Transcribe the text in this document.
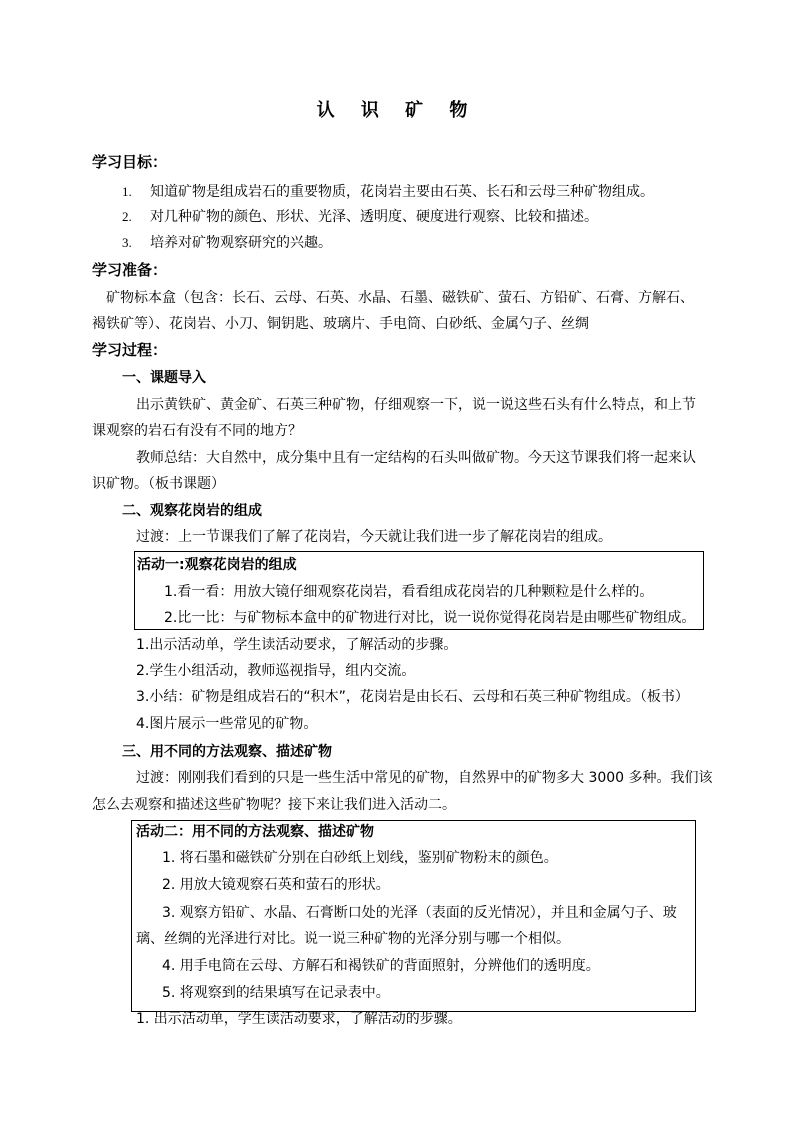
认 识 矿 物
学习目标：
1. 知道矿物是组成岩石的重要物质，花岗岩主要由石英、长石和云母三种矿物组成。
2. 对几种矿物的颜色、形状、光泽、透明度、硬度进行观察、比较和描述。
3. 培养对矿物观察研究的兴趣。
学习准备：
矿物标本盒（包含：长石、云母、石英、水晶、石墨、磁铁矿、萤石、方铅矿、石膏、方解石、
褐铁矿等）、花岗岩、小刀、铜钥匙、玻璃片、手电筒、白砂纸、金属勺子、丝绸
学习过程：
一、课题导入
出示黄铁矿、黄金矿、石英三种矿物，仔细观察一下，说一说这些石头有什么特点，和上节
课观察的岩石有没有不同的地方？
教师总结：大自然中，成分集中且有一定结构的石头叫做矿物。今天这节课我们将一起来认
识矿物。（板书课题）
二、观察花岗岩的组成
过渡：上一节课我们了解了花岗岩，今天就让我们进一步了解花岗岩的组成。
活动一:观察花岗岩的组成
1.看一看：用放大镜仔细观察花岗岩，看看组成花岗岩的几种颗粒是什么样的。
2.比一比：与矿物标本盒中的矿物进行对比，说一说你觉得花岗岩是由哪些矿物组成。
1.出示活动单，学生读活动要求，了解活动的步骤。
2.学生小组活动，教师巡视指导，组内交流。
3.小结：矿物是组成岩石的“积木”，花岗岩是由长石、云母和石英三种矿物组成。（板书）
4.图片展示一些常见的矿物。
三、用不同的方法观察、描述矿物
过渡：刚刚我们看到的只是一些生活中常见的矿物，自然界中的矿物多大 3000 多种。我们该
怎么去观察和描述这些矿物呢？接下来让我们进入活动二。
活动二：用不同的方法观察、描述矿物
1. 将石墨和磁铁矿分别在白砂纸上划线，鉴别矿物粉末的颜色。
2. 用放大镜观察石英和萤石的形状。
3. 观察方铅矿、水晶、石膏断口处的光泽（表面的反光情况），并且和金属勺子、玻
璃、丝绸的光泽进行对比。说一说三种矿物的光泽分别与哪一个相似。
4. 用手电筒在云母、方解石和褐铁矿的背面照射，分辨他们的透明度。
5. 将观察到的结果填写在记录表中。
1. 出示活动单，学生读活动要求，了解活动的步骤。
